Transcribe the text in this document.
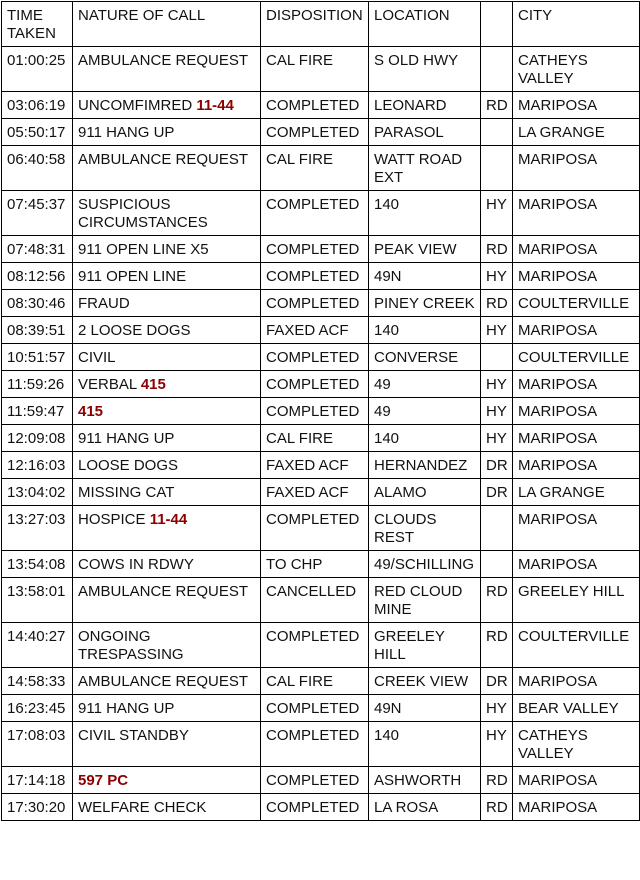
TIME TAKEN	NATURE OF CALL	DISPOSITION	LOCATION		CITY
01:00:25	AMBULANCE REQUEST	CAL FIRE	S OLD HWY		CATHEYS VALLEY
03:06:19	UNCOMFIMRED 11-44	COMPLETED	LEONARD	RD	MARIPOSA
05:50:17	911 HANG UP	COMPLETED	PARASOL		LA GRANGE
06:40:58	AMBULANCE REQUEST	CAL FIRE	WATT ROAD EXT		MARIPOSA
07:45:37	SUSPICIOUS CIRCUMSTANCES	COMPLETED	140	HY	MARIPOSA
07:48:31	911 OPEN LINE X5	COMPLETED	PEAK VIEW	RD	MARIPOSA
08:12:56	911 OPEN LINE	COMPLETED	49N	HY	MARIPOSA
08:30:46	FRAUD	COMPLETED	PINEY CREEK	RD	COULTERVILLE
08:39:51	2 LOOSE DOGS	FAXED ACF	140	HY	MARIPOSA
10:51:57	CIVIL	COMPLETED	CONVERSE		COULTERVILLE
11:59:26	VERBAL 415	COMPLETED	49	HY	MARIPOSA
11:59:47	415	COMPLETED	49	HY	MARIPOSA
12:09:08	911 HANG UP	CAL FIRE	140	HY	MARIPOSA
12:16:03	LOOSE DOGS	FAXED ACF	HERNANDEZ	DR	MARIPOSA
13:04:02	MISSING CAT	FAXED ACF	ALAMO	DR	LA GRANGE
13:27:03	HOSPICE 11-44	COMPLETED	CLOUDS REST		MARIPOSA
13:54:08	COWS IN RDWY	TO CHP	49/SCHILLING		MARIPOSA
13:58:01	AMBULANCE REQUEST	CANCELLED	RED CLOUD MINE	RD	GREELEY HILL
14:40:27	ONGOING TRESPASSING	COMPLETED	GREELEY HILL	RD	COULTERVILLE
14:58:33	AMBULANCE REQUEST	CAL FIRE	CREEK VIEW	DR	MARIPOSA
16:23:45	911 HANG UP	COMPLETED	49N	HY	BEAR VALLEY
17:08:03	CIVIL STANDBY	COMPLETED	140	HY	CATHEYS VALLEY
17:14:18	597 PC	COMPLETED	ASHWORTH	RD	MARIPOSA
17:30:20	WELFARE CHECK	COMPLETED	LA ROSA	RD	MARIPOSA
